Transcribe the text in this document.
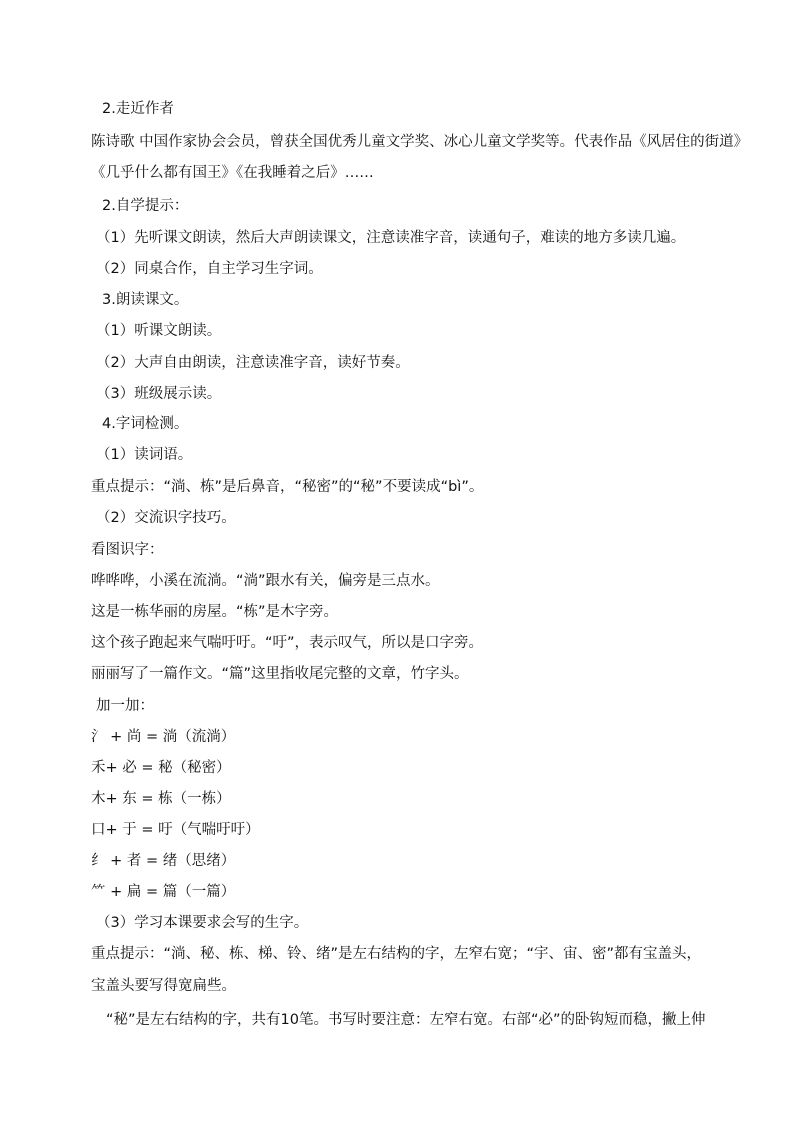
2.走近作者
陈诗歌 中国作家协会会员，曾获全国优秀儿童文学奖、冰心儿童文学奖等。代表作品《风居住的街道》
《几乎什么都有国王》《在我睡着之后》……
2.自学提示：
（1）先听课文朗读，然后大声朗读课文，注意读准字音，读通句子，难读的地方多读几遍。
（2）同桌合作，自主学习生字词。
3.朗读课文。
（1）听课文朗读。
（2）大声自由朗读，注意读准字音，读好节奏。
（3）班级展示读。
4.字词检测。
（1）读词语。
重点提示：“淌、栋”是后鼻音，“秘密”的“秘”不要读成“bì”。
（2）交流识字技巧。
看图识字：
哗哗哗，小溪在流淌。“淌”跟水有关，偏旁是三点水。
这是一栋华丽的房屋。“栋”是木字旁。
这个孩子跑起来气喘吁吁。“吁”，表示叹气，所以是口字旁。
丽丽写了一篇作文。“篇”这里指收尾完整的文章，竹字头。
加一加：
氵 + 尚 = 淌（流淌）
禾+ 必 = 秘（秘密）
木+ 东 = 栋（一栋）
口+ 于 = 吁（气喘吁吁）
纟 + 者 = 绪（思绪）
⺮ + 扁 = 篇（一篇）
（3）学习本课要求会写的生字。
重点提示：“淌、秘、栋、梯、铃、绪”是左右结构的字，左窄右宽；“宇、宙、密”都有宝盖头，
宝盖头要写得宽扁些。
“秘”是左右结构的字，共有10笔。书写时要注意：左窄右宽。右部“必”的卧钩短而稳，撇上伸
